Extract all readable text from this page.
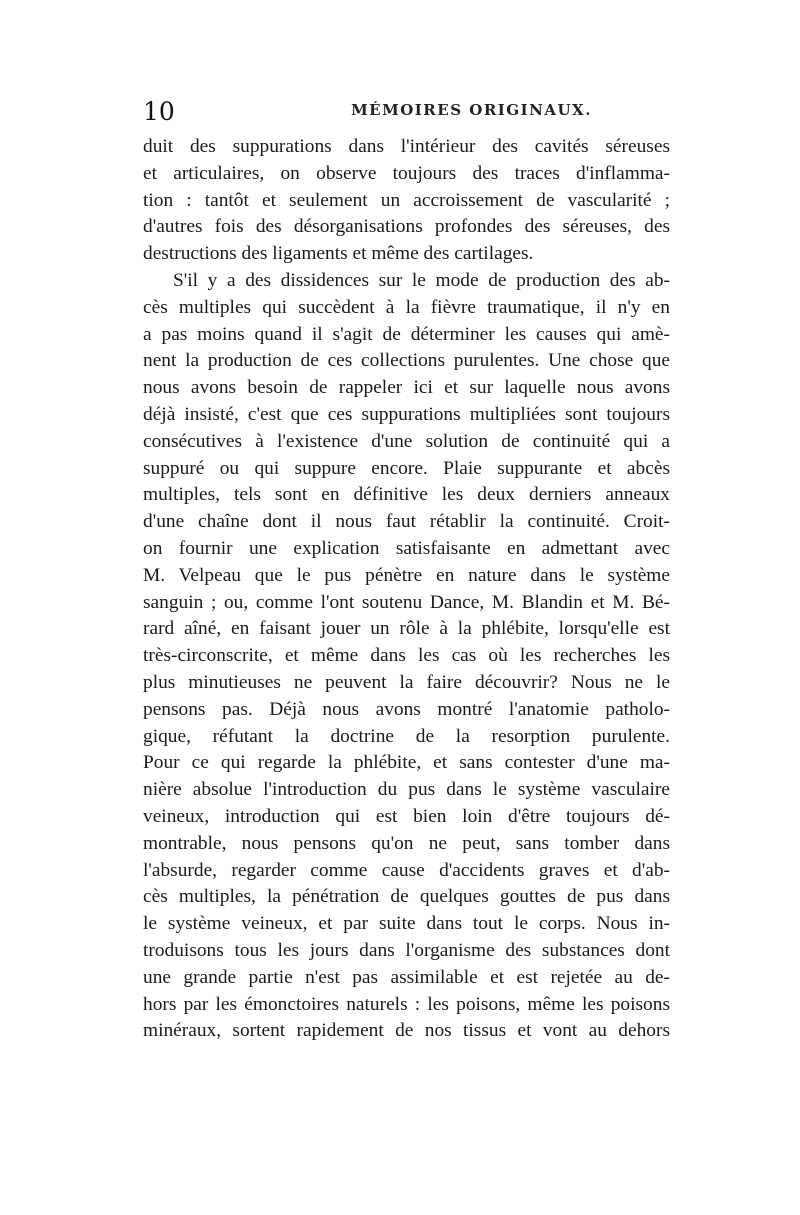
10	MÉMOIRES ORIGINAUX.
duit des suppurations dans l'intérieur des cavités séreuses
et articulaires, on observe toujours des traces d'inflamma-
tion : tantôt et seulement un accroissement de vascularité ;
d'autres fois des désorganisations profondes des séreuses, des
destructions des ligaments et même des cartilages.
S'il y a des dissidences sur le mode de production des ab-
cès multiples qui succèdent à la fièvre traumatique, il n'y en
a pas moins quand il s'agit de déterminer les causes qui amè-
nent la production de ces collections purulentes. Une chose que
nous avons besoin de rappeler ici et sur laquelle nous avons
déjà insisté, c'est que ces suppurations multipliées sont toujours
consécutives à l'existence d'une solution de continuité qui a
suppuré ou qui suppure encore. Plaie suppurante et abcès
multiples, tels sont en définitive les deux derniers anneaux
d'une chaîne dont il nous faut rétablir la continuité. Croit-
on fournir une explication satisfaisante en admettant avec
M. Velpeau que le pus pénètre en nature dans le système
sanguin ; ou, comme l'ont soutenu Dance, M. Blandin et M. Bé-
rard aîné, en faisant jouer un rôle à la phlébite, lorsqu'elle est
très-circonscrite, et même dans les cas où les recherches les
plus minutieuses ne peuvent la faire découvrir? Nous ne le
pensons pas. Déjà nous avons montré l'anatomie patholo-
gique, réfutant la doctrine de la resorption purulente.
Pour ce qui regarde la phlébite, et sans contester d'une ma-
nière absolue l'introduction du pus dans le système vasculaire
veineux, introduction qui est bien loin d'être toujours dé-
montrable, nous pensons qu'on ne peut, sans tomber dans
l'absurde, regarder comme cause d'accidents graves et d'ab-
cès multiples, la pénétration de quelques gouttes de pus dans
le système veineux, et par suite dans tout le corps. Nous in-
troduisons tous les jours dans l'organisme des substances dont
une grande partie n'est pas assimilable et est rejetée au de-
hors par les émonctoires naturels : les poisons, même les poisons
minéraux, sortent rapidement de nos tissus et vont au dehors
